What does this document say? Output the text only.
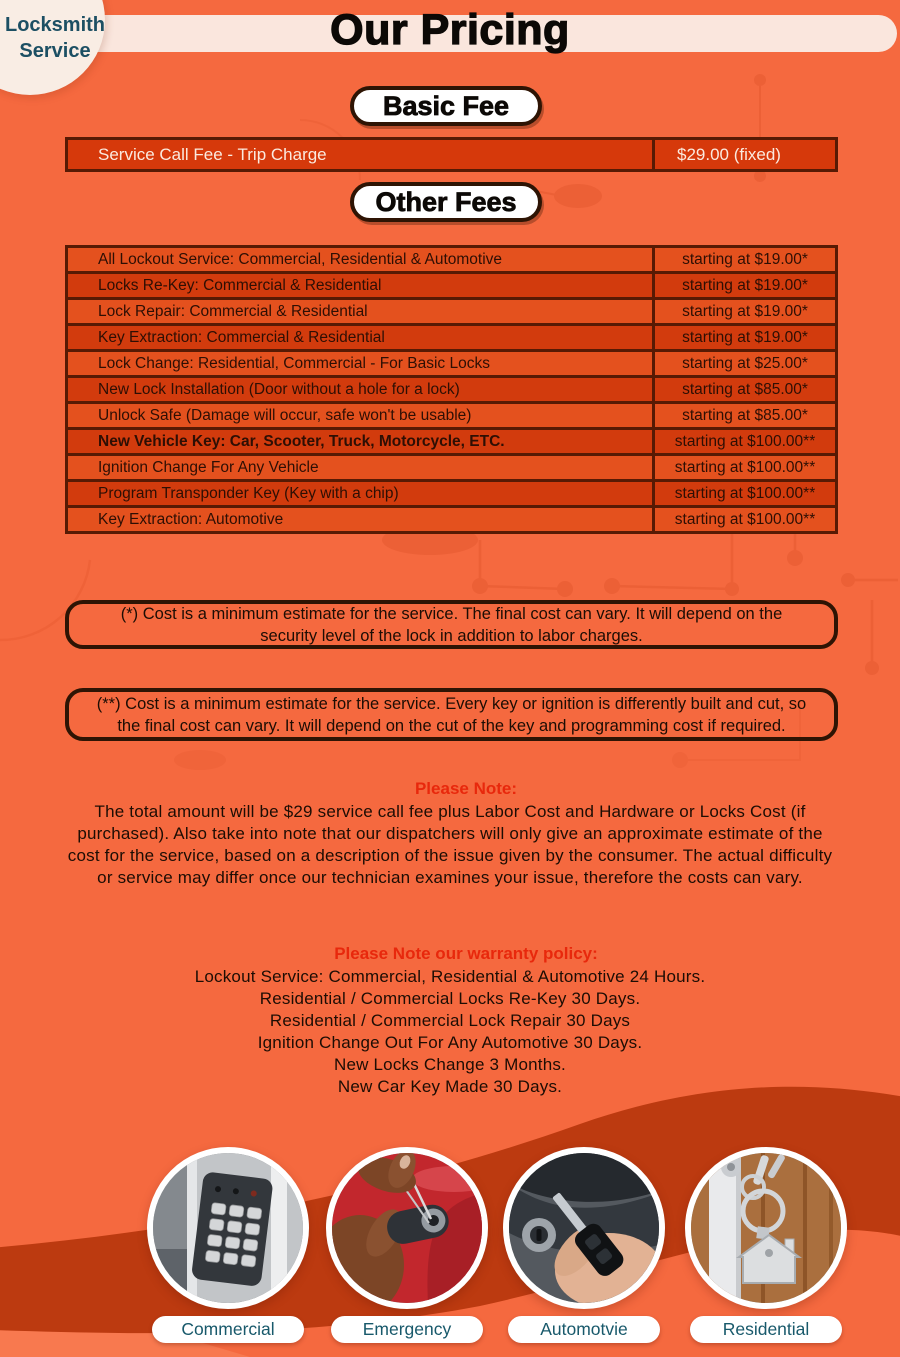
Our Pricing
Locksmith
Service
Basic Fee
Service Call Fee - Trip Charge	$29.00 (fixed)
Other Fees
All Lockout Service: Commercial, Residential & Automotive	starting at $19.00*
Locks Re-Key: Commercial & Residential	starting at $19.00*
Lock Repair: Commercial & Residential	starting at $19.00*
Key Extraction: Commercial & Residential	starting at $19.00*
Lock Change: Residential, Commercial - For Basic Locks	starting at $25.00*
New Lock Installation (Door without a hole for a lock)	starting at $85.00*
Unlock Safe (Damage will occur, safe won't be usable)	starting at $85.00*
New Vehicle Key: Car, Scooter, Truck, Motorcycle, ETC.	starting at $100.00**
Ignition Change For Any Vehicle	starting at $100.00**
Program Transponder Key (Key with a chip)	starting at $100.00**
Key Extraction: Automotive	starting at $100.00**
(*) Cost is a minimum estimate for the service. The final cost can vary. It will depend on the security level of the lock in addition to labor charges.
(**) Cost is a minimum estimate for the service. Every key or ignition is differently built and cut, so the final cost can vary. It will depend on the cut of the key and programming cost if required.
Please Note:
The total amount will be $29 service call fee plus Labor Cost and Hardware or Locks Cost (if purchased). Also take into note that our dispatchers will only give an approximate estimate of the cost for the service, based on a description of the issue given by the consumer. The actual difficulty or service may differ once our technician examines your issue, therefore the costs can vary.
Please Note our warranty policy:
Lockout Service: Commercial, Residential & Automotive 24 Hours.
Residential / Commercial Locks Re-Key 30 Days.
Residential / Commercial Lock Repair 30 Days
Ignition Change Out For Any Automotive 30 Days.
New Locks Change 3 Months.
New Car Key Made 30 Days.
Commercial	Emergency	Automotvie	Residential
